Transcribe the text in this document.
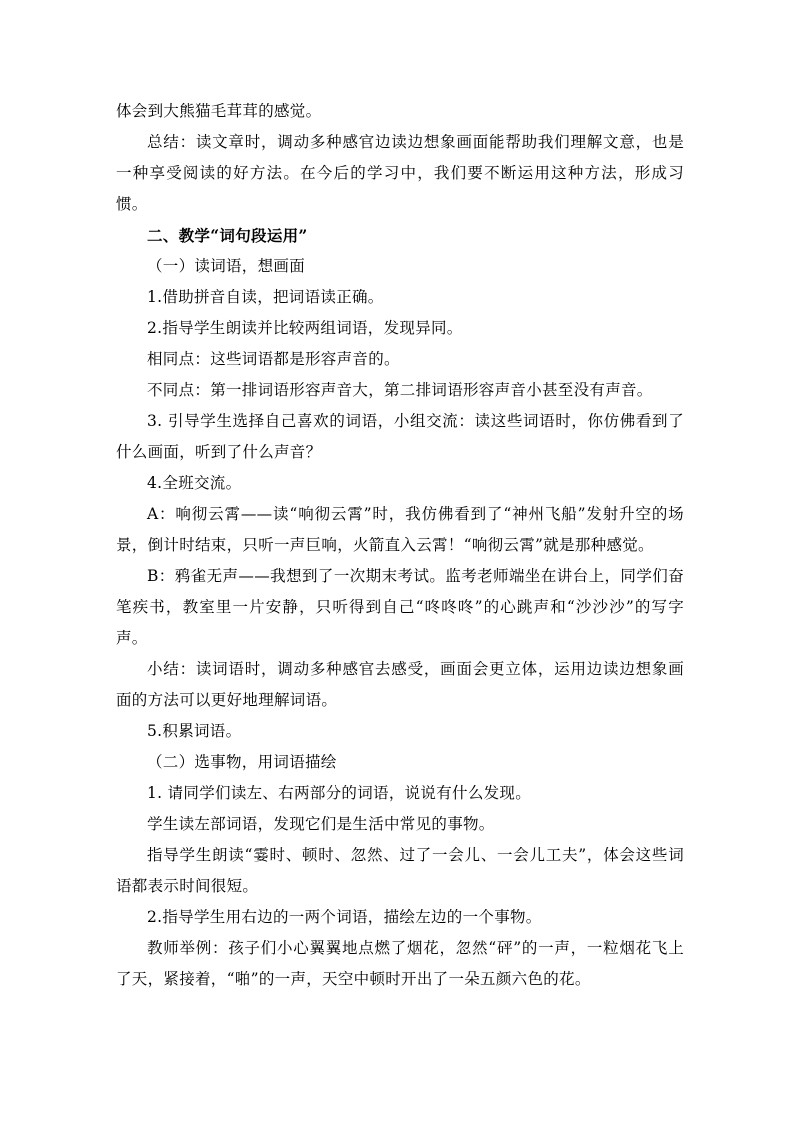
体会到大熊猫毛茸茸的感觉。

总结：读文章时，调动多种感官边读边想象画面能帮助我们理解文意，也是一种享受阅读的好方法。在今后的学习中，我们要不断运用这种方法，形成习惯。

二、教学“词句段运用”

（一）读词语，想画面

1.借助拼音自读，把词语读正确。

2.指导学生朗读并比较两组词语，发现异同。

相同点：这些词语都是形容声音的。

不同点：第一排词语形容声音大，第二排词语形容声音小甚至没有声音。

3. 引导学生选择自己喜欢的词语，小组交流：读这些词语时，你仿佛看到了什么画面，听到了什么声音？

4.全班交流。

A：响彻云霄——读“响彻云霄”时，我仿佛看到了“神州飞船”发射升空的场景，倒计时结束，只听一声巨响，火箭直入云霄！“响彻云霄”就是那种感觉。

B：鸦雀无声——我想到了一次期末考试。监考老师端坐在讲台上，同学们奋笔疾书，教室里一片安静，只听得到自己“咚咚咚”的心跳声和“沙沙沙”的写字声。

小结：读词语时，调动多种感官去感受，画面会更立体，运用边读边想象画面的方法可以更好地理解词语。

5.积累词语。

（二）选事物，用词语描绘

1. 请同学们读左、右两部分的词语，说说有什么发现。

学生读左部词语，发现它们是生活中常见的事物。

指导学生朗读“霎时、顿时、忽然、过了一会儿、一会儿工夫”，体会这些词语都表示时间很短。

2.指导学生用右边的一两个词语，描绘左边的一个事物。

教师举例：孩子们小心翼翼地点燃了烟花，忽然“砰”的一声，一粒烟花飞上了天，紧接着，“啪”的一声，天空中顿时开出了一朵五颜六色的花。
